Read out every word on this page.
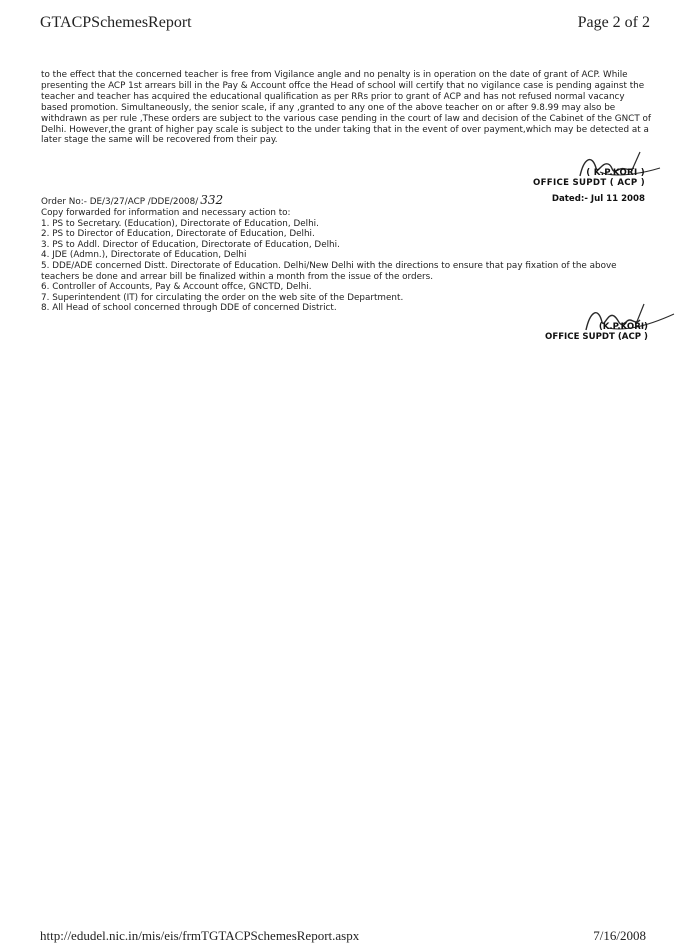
GTACPSchemesReport	Page 2 of 2
to the effect that the concerned teacher is free from Vigilance angle and no penalty is in operation on the date of grant of ACP. While presenting the ACP 1st arrears bill in the Pay & Account offce the Head of school will certify that no vigilance case is pending against the teacher and teacher has acquired the educational qualification as per RRs prior to grant of ACP and has not refused normal vacancy based promotion. Simultaneously, the senior scale, if any ,granted to any one of the above teacher on or after 9.8.99 may also be withdrawn as per rule ,These orders are subject to the various case pending in the court of law and decision of the Cabinet of the GNCT of Delhi. However,the grant of higher pay scale is subject to the under taking that in the event of over payment,which may be detected at a later stage the same will be recovered from their pay.
( K.P.KORI )
OFFICE SUPDT ( ACP )
Order No:- DE/3/27/ACP /DDE/2008/ 332	Dated:- Jul 11 2008
Copy forwarded for information and necessary action to:
1. PS to Secretary. (Education), Directorate of Education, Delhi.
2. PS to Director of Education, Directorate of Education, Delhi.
3. PS to Addl. Director of Education, Directorate of Education, Delhi.
4. JDE (Admn.), Directorate of Education, Delhi
5. DDE/ADE concerned Distt. Directorate of Education. Delhi/New Delhi with the directions to ensure that pay fixation of the above teachers be done and arrear bill be finalized within a month from the issue of the orders.
6. Controller of Accounts, Pay & Account offce, GNCTD, Delhi.
7. Superintendent (IT) for circulating the order on the web site of the Department.
8. All Head of school concerned through DDE of concerned District.
(K.P.KORI)
OFFICE SUPDT (ACP )
http://edudel.nic.in/mis/eis/frmTGTACPSchemesReport.aspx	7/16/2008
